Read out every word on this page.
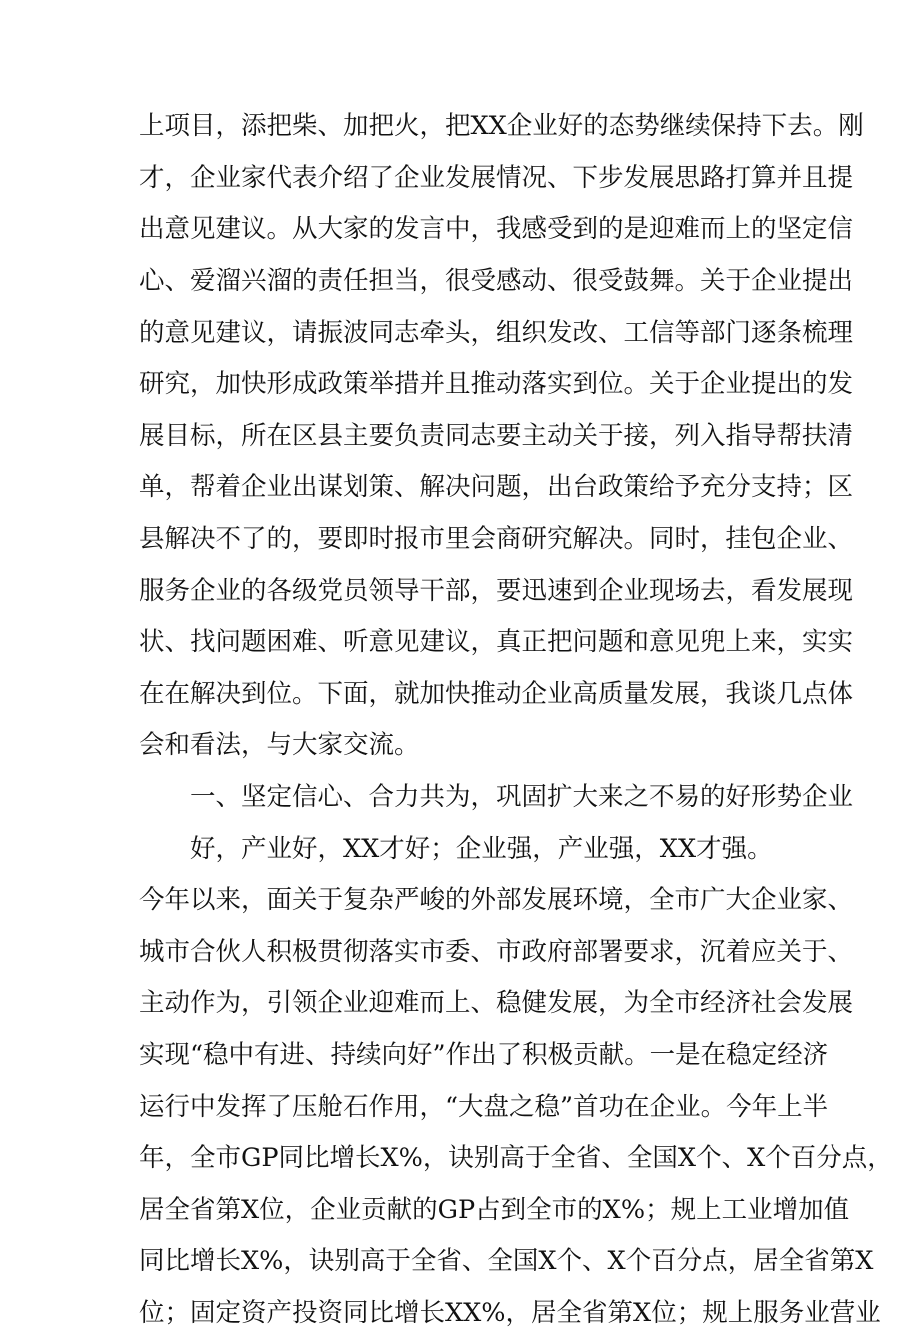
上项目，添把柴、加把火，把XX企业好的态势继续保持下去。刚
才，企业家代表介绍了企业发展情况、下步发展思路打算并且提
出意见建议。从大家的发言中，我感受到的是迎难而上的坚定信
心、爱溜兴溜的责任担当，很受感动、很受鼓舞。关于企业提出
的意见建议，请振波同志牵头，组织发改、工信等部门逐条梳理
研究，加快形成政策举措并且推动落实到位。关于企业提出的发
展目标，所在区县主要负责同志要主动关于接，列入指导帮扶清
单，帮着企业出谋划策、解决问题，出台政策给予充分支持；区
县解决不了的，要即时报市里会商研究解决。同时，挂包企业、
服务企业的各级党员领导干部，要迅速到企业现场去，看发展现
状、找问题困难、听意见建议，真正把问题和意见兜上来，实实
在在解决到位。下面，就加快推动企业高质量发展，我谈几点体
会和看法，与大家交流。
一、坚定信心、合力共为，巩固扩大来之不易的好形势企业
好，产业好，XX才好；企业强，产业强，XX才强。
今年以来，面关于复杂严峻的外部发展环境，全市广大企业家、
城市合伙人积极贯彻落实市委、市政府部署要求，沉着应关于、
主动作为，引领企业迎难而上、稳健发展，为全市经济社会发展
实现“稳中有进、持续向好”作出了积极贡献。一是在稳定经济
运行中发挥了压舱石作用，“大盘之稳”首功在企业。今年上半
年，全市GP同比增长X%，诀别高于全省、全国X个、X个百分点，
居全省第X位，企业贡献的GP占到全市的X%；规上工业增加值
同比增长X%，诀别高于全省、全国X个、X个百分点，居全省第X
位；固定资产投资同比增长XX%，居全省第X位；规上服务业营业
